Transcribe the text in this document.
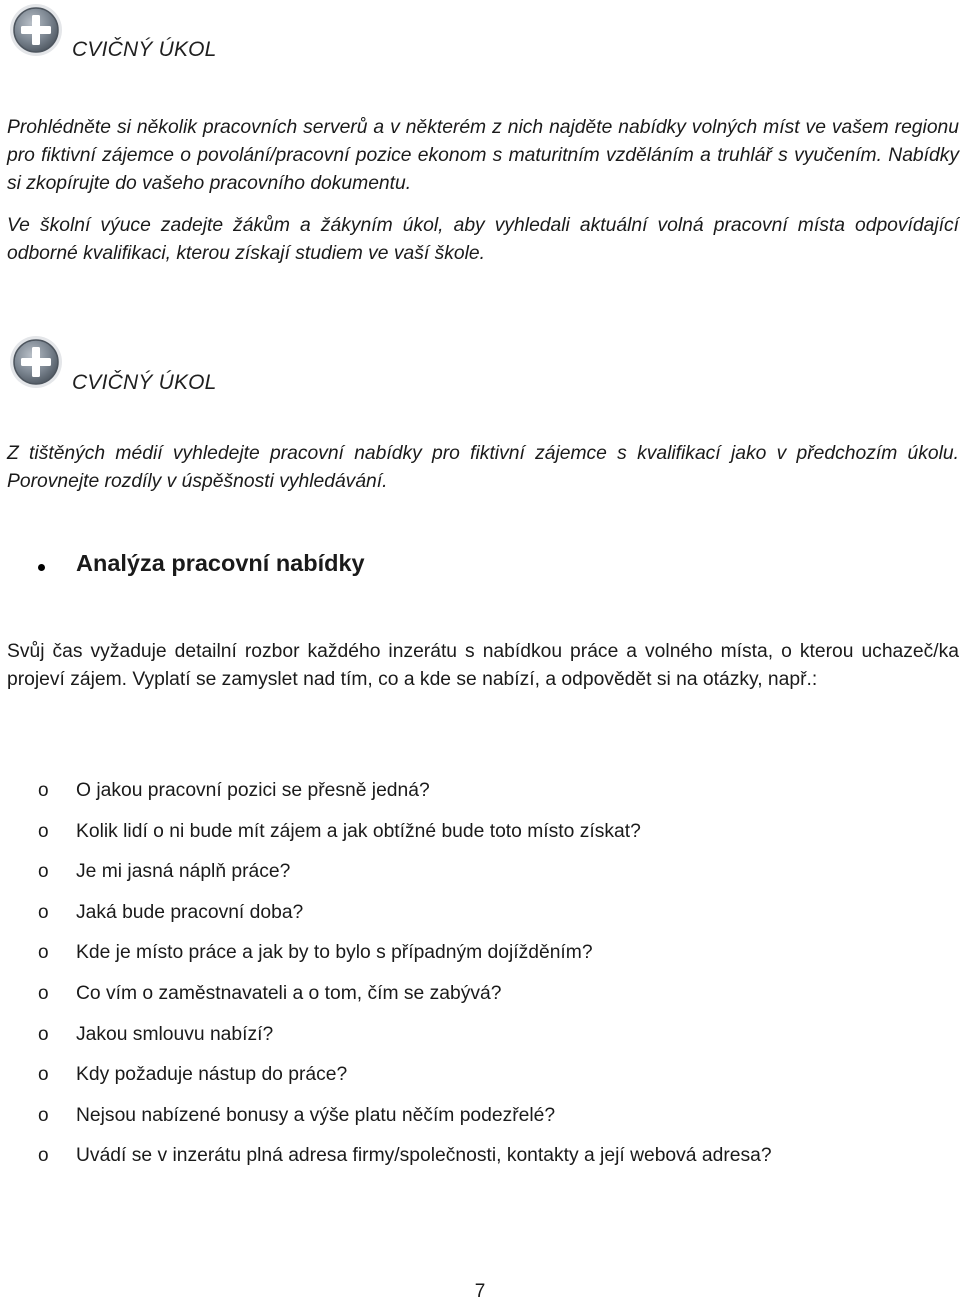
CVIČNÝ ÚKOL

Prohlédněte si několik pracovních serverů a v některém z nich najděte nabídky volných míst ve vašem regionu pro fiktivní zájemce o povolání/pracovní pozice ekonom s maturitním vzděláním a truhlář s vyučením. Nabídky si zkopírujte do vašeho pracovního dokumentu.

Ve školní výuce zadejte žákům a žákyním úkol, aby vyhledali aktuální volná pracovní místa odpovídající odborné kvalifikaci, kterou získají studiem ve vaší škole.

CVIČNÝ ÚKOL

Z tištěných médií vyhledejte pracovní nabídky pro fiktivní zájemce s kvalifikací jako v předchozím úkolu. Porovnejte rozdíly v úspěšnosti vyhledávání.

Analýza pracovní nabídky

Svůj čas vyžaduje detailní rozbor každého inzerátu s nabídkou práce a volného místa, o kterou uchazeč/ka projeví zájem. Vyplatí se zamyslet nad tím, co a kde se nabízí, a odpovědět si na otázky, např.:

o O jakou pracovní pozici se přesně jedná?
o Kolik lidí o ni bude mít zájem a jak obtížné bude toto místo získat?
o Je mi jasná náplň práce?
o Jaká bude pracovní doba?
o Kde je místo práce a jak by to bylo s případným dojížděním?
o Co vím o zaměstnavateli a o tom, čím se zabývá?
o Jakou smlouvu nabízí?
o Kdy požaduje nástup do práce?
o Nejsou nabízené bonusy a výše platu něčím podezřelé?
o Uvádí se v inzerátu plná adresa firmy/společnosti, kontakty a její webová adresa?
7
